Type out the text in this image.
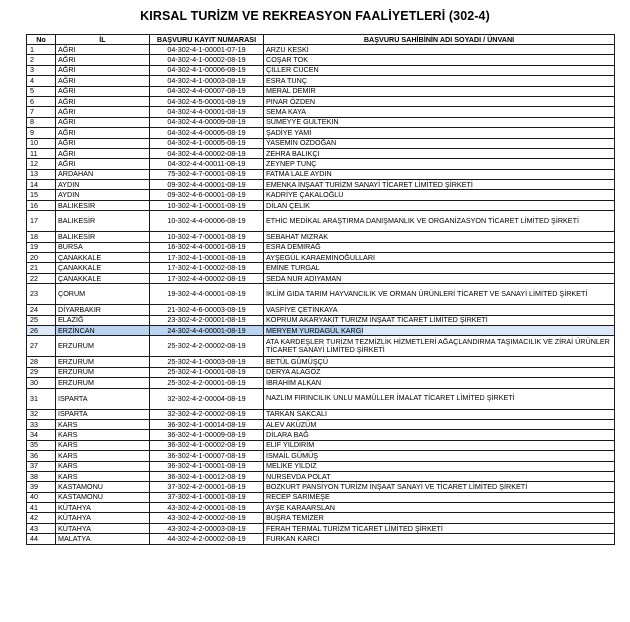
KIRSAL TURİZM VE REKREASYON FAALİYETLERİ (302-4)
No	İL	BAŞVURU KAYIT NUMARASI	BAŞVURU SAHİBİNİN ADI SOYADI / ÜNVANI
1	AĞRI	04-302-4-1-00001-07-19	ARZU KESKİ
2	AĞRI	04-302-4-1-00002-08-19	COŞAR TOK
3	AĞRI	04-302-4-1-00006-08-19	ÇİLLER CÜCEN
4	AĞRI	04-302-4-1-00003-08-19	ESRA TUNÇ
5	AĞRI	04-302-4-4-00007-08-19	MERAL DEMİR
6	AĞRI	04-302-4-5-00001-08-19	PINAR ÖZDEN
7	AĞRI	04-302-4-4-00001-08-19	SEMA KAYA
8	AĞRI	04-302-4-4-00009-08-19	SÜMEYYE GÜLTEKİN
9	AĞRI	04-302-4-4-00005-08-19	ŞADİYE YAMİ
10	AĞRI	04-302-4-1-00005-08-19	YASEMİN ÖZDOĞAN
11	AĞRI	04-302-4-4-00002-08-19	ZEHRA BALIKÇI
12	AĞRI	04-302-4-4-00011-08-19	ZEYNEP TUNÇ
13	ARDAHAN	75-302-4-7-00001-08-19	FATMA LALE AYDIN
14	AYDIN	09-302-4-4-00001-08-19	EMENKA İNŞAAT TURİZM SANAYİ TİCARET LİMİTED ŞİRKETİ
15	AYDIN	09-302-4-6-00001-08-19	KADRİYE ÇAKALOĞLU
16	BALIKESİR	10-302-4-1-00001-08-19	DİLAN ÇELİK
17	BALIKESİR	10-302-4-4-00006-08-19	ETHİC MEDİKAL ARAŞTIRMA DANIŞMANLIK VE ORGANİZASYON TİCARET LİMİTED ŞİRKETİ
18	BALIKESİR	10-302-4-7-00001-08-19	SEBAHAT MIZRAK
19	BURSA	16-302-4-4-00001-08-19	ESRA DEMİRAĞ
20	ÇANAKKALE	17-302-4-1-00001-08-19	AYŞEGÜL KARAEMİNOĞULLARI
21	ÇANAKKALE	17-302-4-1-00002-08-19	EMİNE TURGAL
22	ÇANAKKALE	17-302-4-4-00002-08-19	SEDA NUR ADIYAMAN
23	ÇORUM	19-302-4-4-00001-08-19	İKLİM GIDA TARIM HAYVANCILIK VE ORMAN ÜRÜNLERİ TİCARET VE SANAYİ LİMİTED ŞİRKETİ
24	DİYARBAKIR	21-302-4-6-00003-08-19	VASFİYE ÇETİNKAYA
25	ELAZIĞ	23-302-4-2-00001-08-19	KÖPRÜM AKARYAKIT TURİZM İNŞAAT TİCARET LİMİTED ŞİRKETİ
26	ERZİNCAN	24-302-4-4-00001-08-19	MERYEM YURDAGÜL KARGI
27	ERZURUM	25-302-4-2-00002-08-19	ATA KARDEŞLER TURİZM TEZMİZLİK HİZMETLERİ AĞAÇLANDIRMA TAŞIMACILIK VE ZİRAİ ÜRÜNLER TİCARET SANAYİ LİMİTED ŞİRKETİ
28	ERZURUM	25-302-4-1-00003-08-19	BETÜL GÜMÜŞÇÜ
29	ERZURUM	25-302-4-1-00001-08-19	DERYA ALAGÖZ
30	ERZURUM	25-302-4-2-00001-08-19	İBRAHİM ALKAN
31	ISPARTA	32-302-4-2-00004-08-19	NAZLIM FIRINCILIK UNLU MAMÜLLER İMALAT TİCARET LİMİTED ŞİRKETİ
32	ISPARTA	32-302-4-2-00002-08-19	TARKAN SAKCALI
33	KARS	36-302-4-1-00014-08-19	ALEV AKÜZÜM
34	KARS	36-302-4-1-00009-08-19	DİLARA BAĞ
35	KARS	36-302-4-1-00002-08-19	ELİF YILDIRIM
36	KARS	36-302-4-1-00007-08-19	İSMAİL GÜMÜŞ
37	KARS	36-302-4-1-00001-08-19	MELİKE YILDIZ
38	KARS	36-302-4-1-00012-08-19	NURSEVDA POLAT
39	KASTAMONU	37-302-4-2-00001-08-19	BOZKURT PANSİYON TURİZM İNŞAAT SANAYİ VE TİCARET LİMİTED ŞİRKETİ
40	KASTAMONU	37-302-4-1-00001-08-19	RECEP SARIMEŞE
41	KÜTAHYA	43-302-4-2-00001-08-19	AYŞE KARAARSLAN
42	KÜTAHYA	43-302-4-2-00002-08-19	BÜŞRA TEMİZER
43	KÜTAHYA	43-302-4-2-00003-08-19	FERAH TERMAL TURİZM TİCARET LİMİTED ŞİRKETİ
44	MALATYA	44-302-4-2-00002-08-19	FURKAN KARCI
